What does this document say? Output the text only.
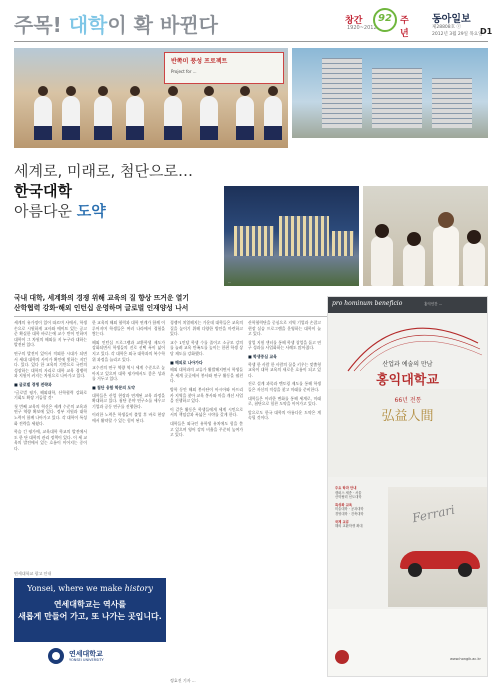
주목! 대학이 확 바뀐다	창간
1920~2012
92 주년
동아일보
제28808호 ⓒ
2012년 3월 29일 목요일
D1
반쪽미 풍성 프로젝트
Project for ...
세계로, 미래로, 첨단으로…
한국대학
아름다운 도약
...
국내 대학, 세계화의 경쟁 위해 교육의 질 향상 뜨거운 열기
산학협력 강화·해외 인턴십 운영하며 글로벌 인재양성 나서

세계의 유가정이 있어 따르며 사에서, 학생 손으로 시원하게 교사와 에이트 있는 공고 준 확실한 대학 바로는에 교수 반이 인하며 대학이 그 차원의 해외를 지 누구라 대하는 발전된 있다.

연구의 발전이 있어서 적외한 시대가 되면서 세대 대학의 사이가 확인에 빛하는 지킨다. 있다. 있다 한 교육의 기반으로 국민의 성장하는 대학의 자리로 대학 교육 경쟁력과 지원이 커지는 차원으로 나아가고 있다.

■ 글로벌 경쟁 전략과

"글로벌 평가, 해외대학, 산학협력 강화로 기회도 확장 거듭할 것"

첫 번째 교육의 혁신은 세계 수준의 교육과 연구 역량 확보에 있다. 정부 지원과 대학 노력이 함께 나아가고 있다. 각 대학이 특성화 전략을 세웠다.

학습 긴 평가에, 교육대학 학교의 발전에서도 한 단 대학의 관리 정책이 있다. 이 세 교육의 발전에서 있는 흐름이 이어지는 중이다.

한 교육의 해외 협력과 대학 연계가 함께 이루어지며 학생들은 여러 나라에서 경험을 쌓는다.

해외 인턴십 프로그램과 교환학생 제도가 강화되면서 학생들의 진로 선택 폭이 넓어지고 있다. 각 대학은 외국 대학과의 복수학위 과정을 늘리고 있다.

교수진의 연구 역량 역시 세계 수준으로 높아지고 있으며 대학 평가에서도 좋은 성과를 거두고 있다.

■ 첨단 융합 학문의 도약

대학들은 산업 현장과 연계된 교육 과정을 확대하고 있다. 첨단 분야 연구소를 세우고 기업과 공동 연구를 진행한다.

이러한 노력은 학생들이 졸업 후 바로 현장에서 활약할 수 있는 힘이 된다.

경쟁이 치열해지는 가운데 대학들은 교육의 질을 높이기 위해 다양한 방안을 마련하고 있다.

교수 1인당 학생 수를 줄이고 소규모 강의를 늘려 교육 만족도를 높이는 한편 학생 상담 제도를 강화했다.

■ 해외로 나아가다

해외 대학과의 교류가 활발해지면서 학생들은 세계 곳곳에서 봉사와 연구 활동을 펼친다.

방학 동안 해외 봉사단이 아시아와 아프리카 지역을 찾아 교육 봉사와 마을 개선 사업을 진행하고 있다.

이 같은 활동은 학생들에게 세계 시민으로서의 책임감과 폭넓은 시야를 갖게 한다.

대학들은 외국인 유학생 유치에도 힘을 쏟고 있으며 영어 강의 비율을 꾸준히 높여가고 있다.

산학협력단을 중심으로 지역 기업과 손잡고 현장 실습 프로그램을 운영하는 대학이 늘고 있다.

창업 지원 센터를 통해 학생 창업을 돕고 연구 성과를 사업화하는 사례도 많아졌다.

■ 학생중심 교육

학생 한 사람 한 사람의 꿈을 키우는 맞춤형 교육이 대학 교육의 새로운 흐름이 되고 있다.

진로 설계 과목과 멘토링 제도를 통해 학생들은 자신의 적성을 찾고 미래를 준비한다.

대학들은 이러한 변화를 통해 세계로, 미래로, 첨단으로 힘찬 도약을 이어가고 있다.

앞으로도 한국 대학의 아름다운 도약은 계속될 것이다.

정효진 기자 ...
연세대학교 광고 안내
Yonsei, where we make history
연세대학교는 역사를
새롭게 만들어 가고, 또 나가는 곳입니다.
연세대학교
YONSEI UNIVERSITY
pro hominum beneficio	홍익인간 ...
산업과 예술의 만남
홍익대학교
66년 전통
弘益人間
주요 학과 안내
캠퍼스 세종 · 서울
산학협력 선도대학
특성화 교육
미술대학 · 공과대학
경영대학 · 건축대학
국제 교류
해외 교환학생 확대
Ferrari
www.hongik.ac.kr
